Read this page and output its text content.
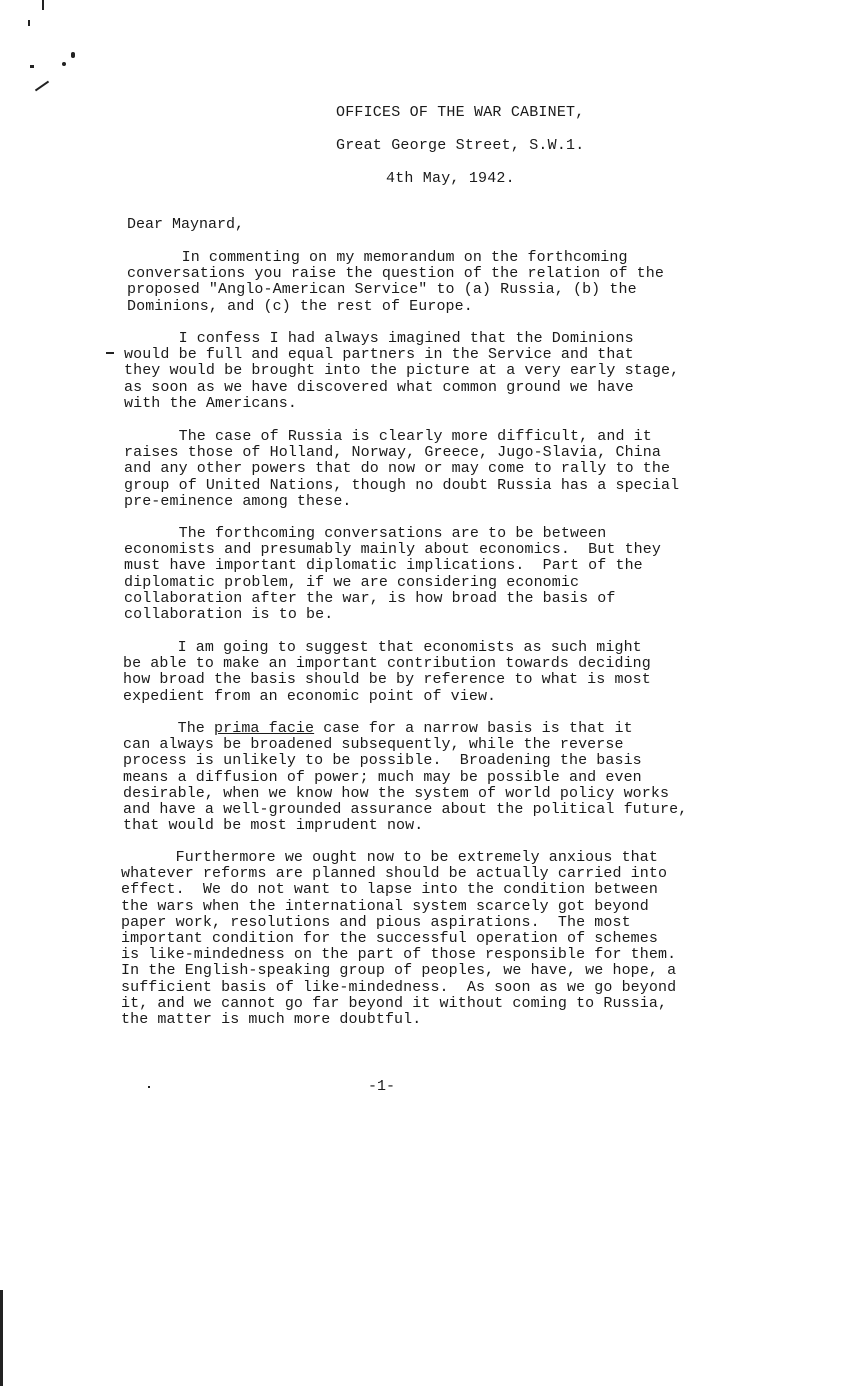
OFFICES OF THE WAR CABINET,
Great George Street, S.W.1.
4th May, 1942.
Dear Maynard,
In commenting on my memorandum on the forthcoming
conversations you raise the question of the relation of the
proposed "Anglo-American Service" to (a) Russia, (b) the
Dominions, and (c) the rest of Europe.
I confess I had always imagined that the Dominions
would be full and equal partners in the Service and that
they would be brought into the picture at a very early stage,
as soon as we have discovered what common ground we have
with the Americans.
The case of Russia is clearly more difficult, and it
raises those of Holland, Norway, Greece, Jugo-Slavia, China
and any other powers that do now or may come to rally to the
group of United Nations, though no doubt Russia has a special
pre-eminence among these.
The forthcoming conversations are to be between
economists and presumably mainly about economics.  But they
must have important diplomatic implications.  Part of the
diplomatic problem, if we are considering economic
collaboration after the war, is how broad the basis of
collaboration is to be.
I am going to suggest that economists as such might
be able to make an important contribution towards deciding
how broad the basis should be by reference to what is most
expedient from an economic point of view.
The prima facie case for a narrow basis is that it
can always be broadened subsequently, while the reverse
process is unlikely to be possible.  Broadening the basis
means a diffusion of power; much may be possible and even
desirable, when we know how the system of world policy works
and have a well-grounded assurance about the political future,
that would be most imprudent now.
Furthermore we ought now to be extremely anxious that
whatever reforms are planned should be actually carried into
effect.  We do not want to lapse into the condition between
the wars when the international system scarcely got beyond
paper work, resolutions and pious aspirations.  The most
important condition for the successful operation of schemes
is like-mindedness on the part of those responsible for them.
In the English-speaking group of peoples, we have, we hope, a
sufficient basis of like-mindedness.  As soon as we go beyond
it, and we cannot go far beyond it without coming to Russia,
the matter is much more doubtful.
-1-
